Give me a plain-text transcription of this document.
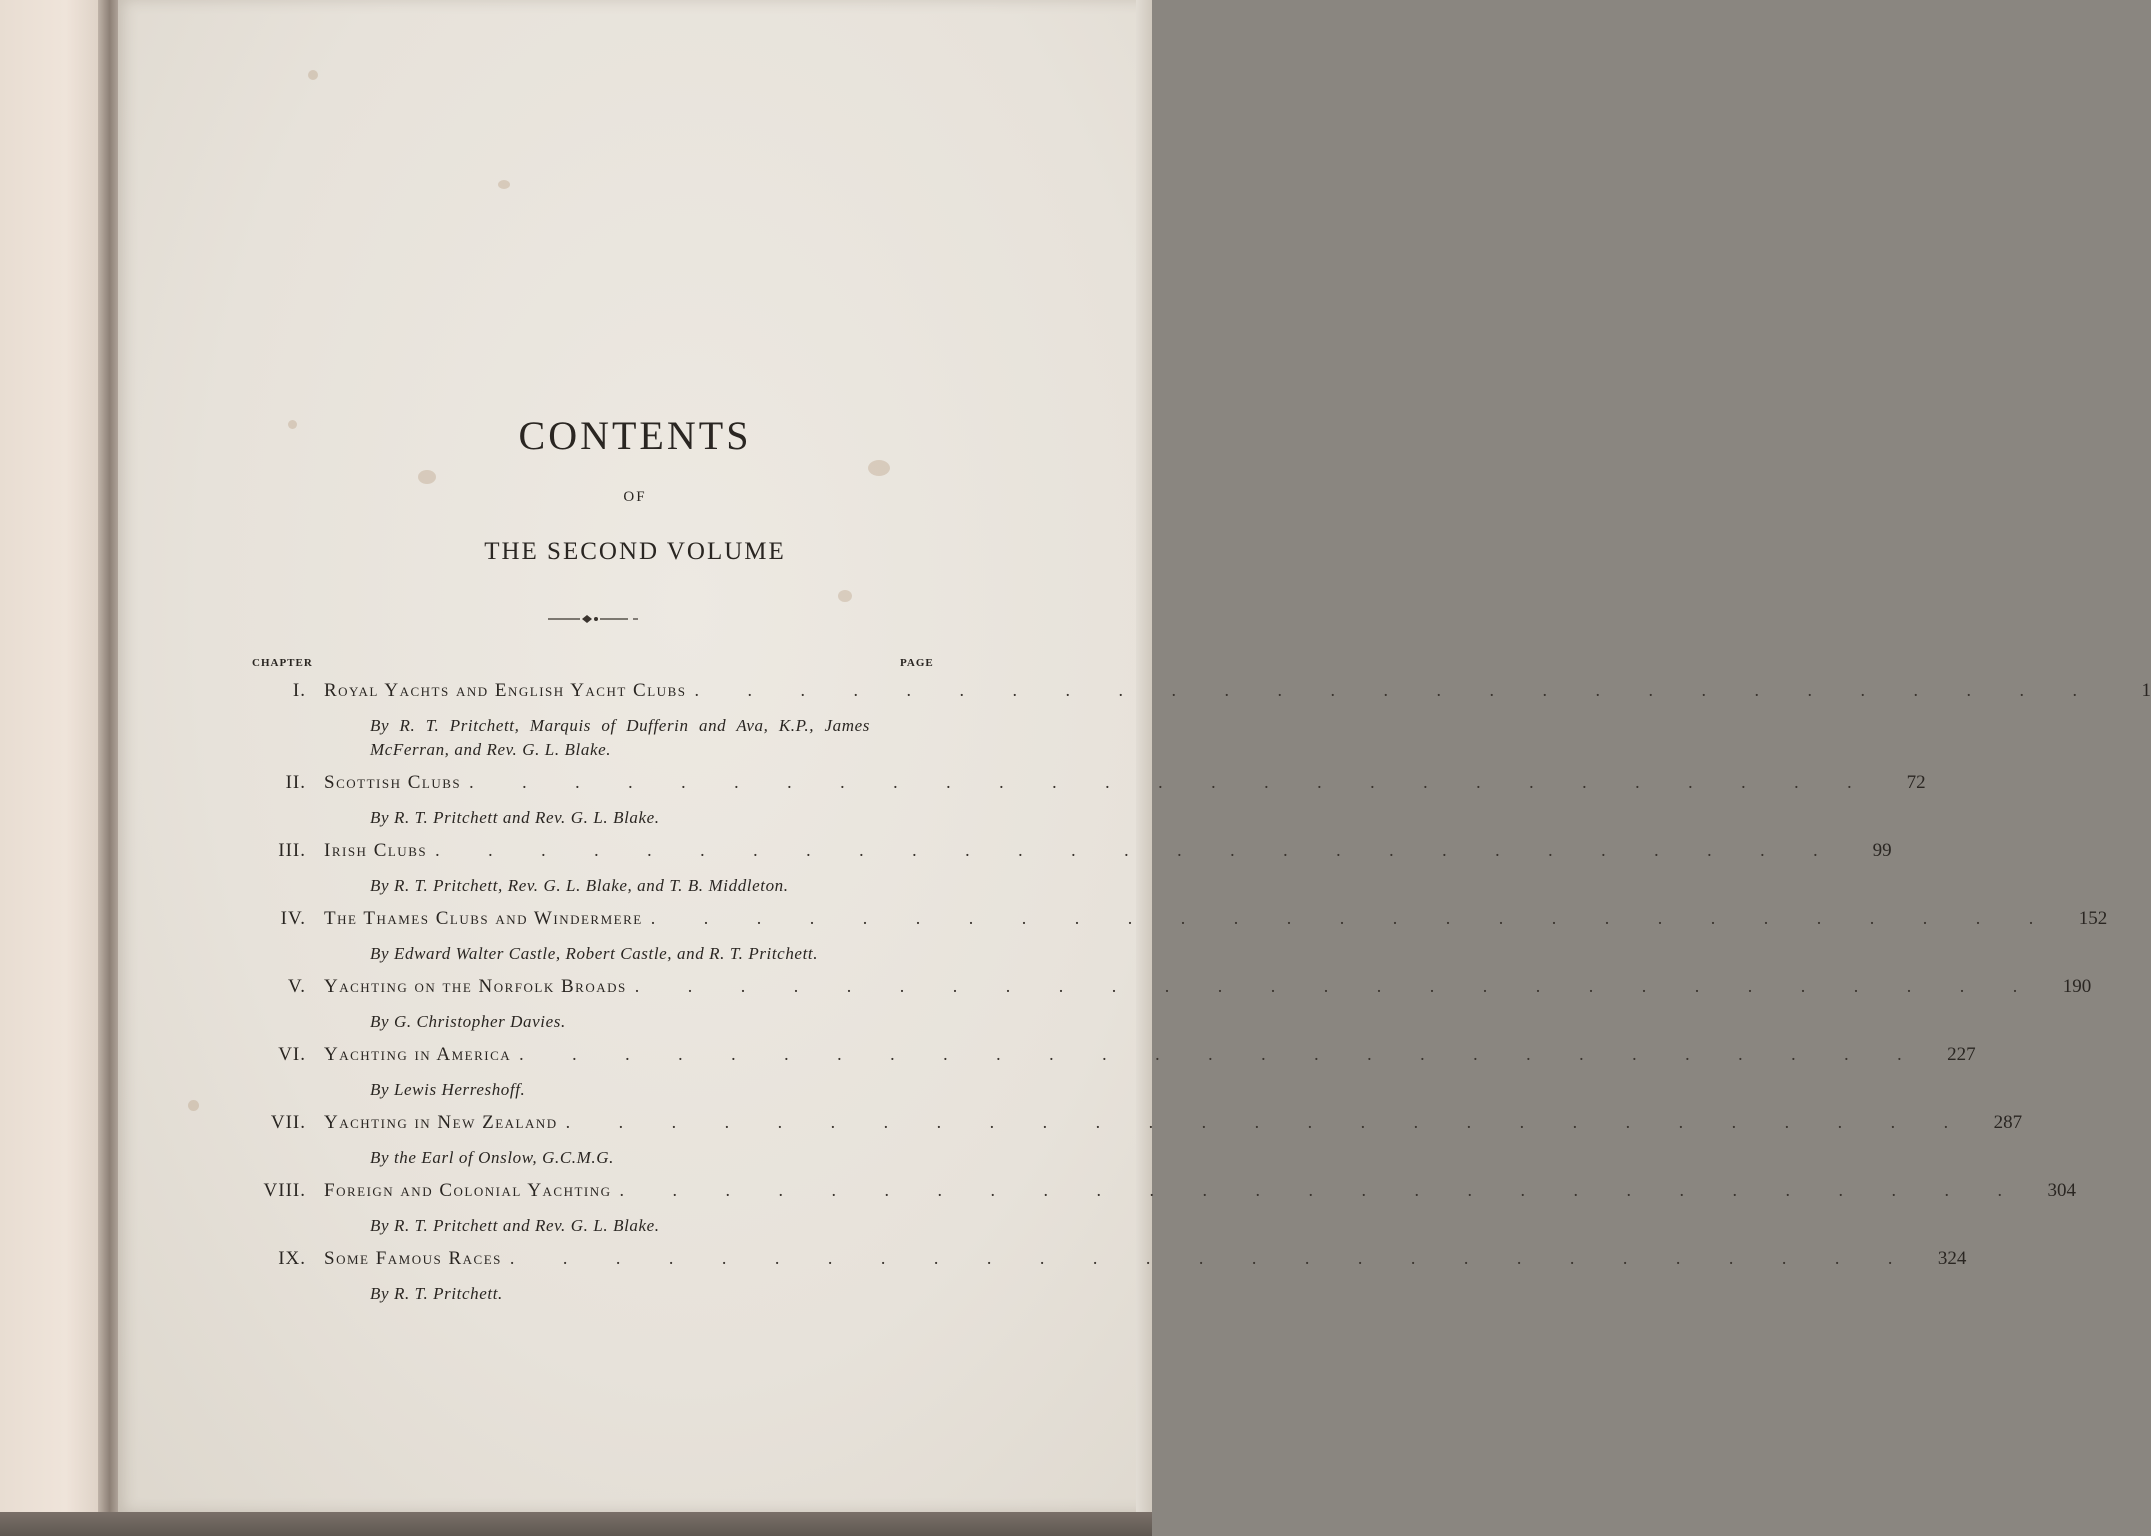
CONTENTS
OF
THE SECOND VOLUME
CHAPTER	PAGE
I. Royal Yachts and English Yacht Clubs . . . . . . . . . . . . . . . . . . . . . . . . . . .	1
By R. T. Pritchett, Marquis of Dufferin and Ava, K.P., James McFerran, and Rev. G. L. Blake.
II. Scottish Clubs . . . . . . . . . . . . . . . . . . . . . . . . . . .	72
By R. T. Pritchett and Rev. G. L. Blake.
III. Irish Clubs . . . . . . . . . . . . . . . . . . . . . . . . . . .	99
By R. T. Pritchett, Rev. G. L. Blake, and T. B. Middleton.
IV. The Thames Clubs and Windermere . . . . . . . . . . . . . . . . . . . . . . . . . . .	152
By Edward Walter Castle, Robert Castle, and R. T. Pritchett.
V. Yachting on the Norfolk Broads . . . . . . . . . . . . . . . . . . . . . . . . . . .	190
By G. Christopher Davies.
VI. Yachting in America . . . . . . . . . . . . . . . . . . . . . . . . . . .	227
By Lewis Herreshoff.
VII. Yachting in New Zealand . . . . . . . . . . . . . . . . . . . . . . . . . . .	287
By the Earl of Onslow, G.C.M.G.
VIII. Foreign and Colonial Yachting . . . . . . . . . . . . . . . . . . . . . . . . . . .	304
By R. T. Pritchett and Rev. G. L. Blake.
IX. Some Famous Races . . . . . . . . . . . . . . . . . . . . . . . . . . .	324
By R. T. Pritchett.
